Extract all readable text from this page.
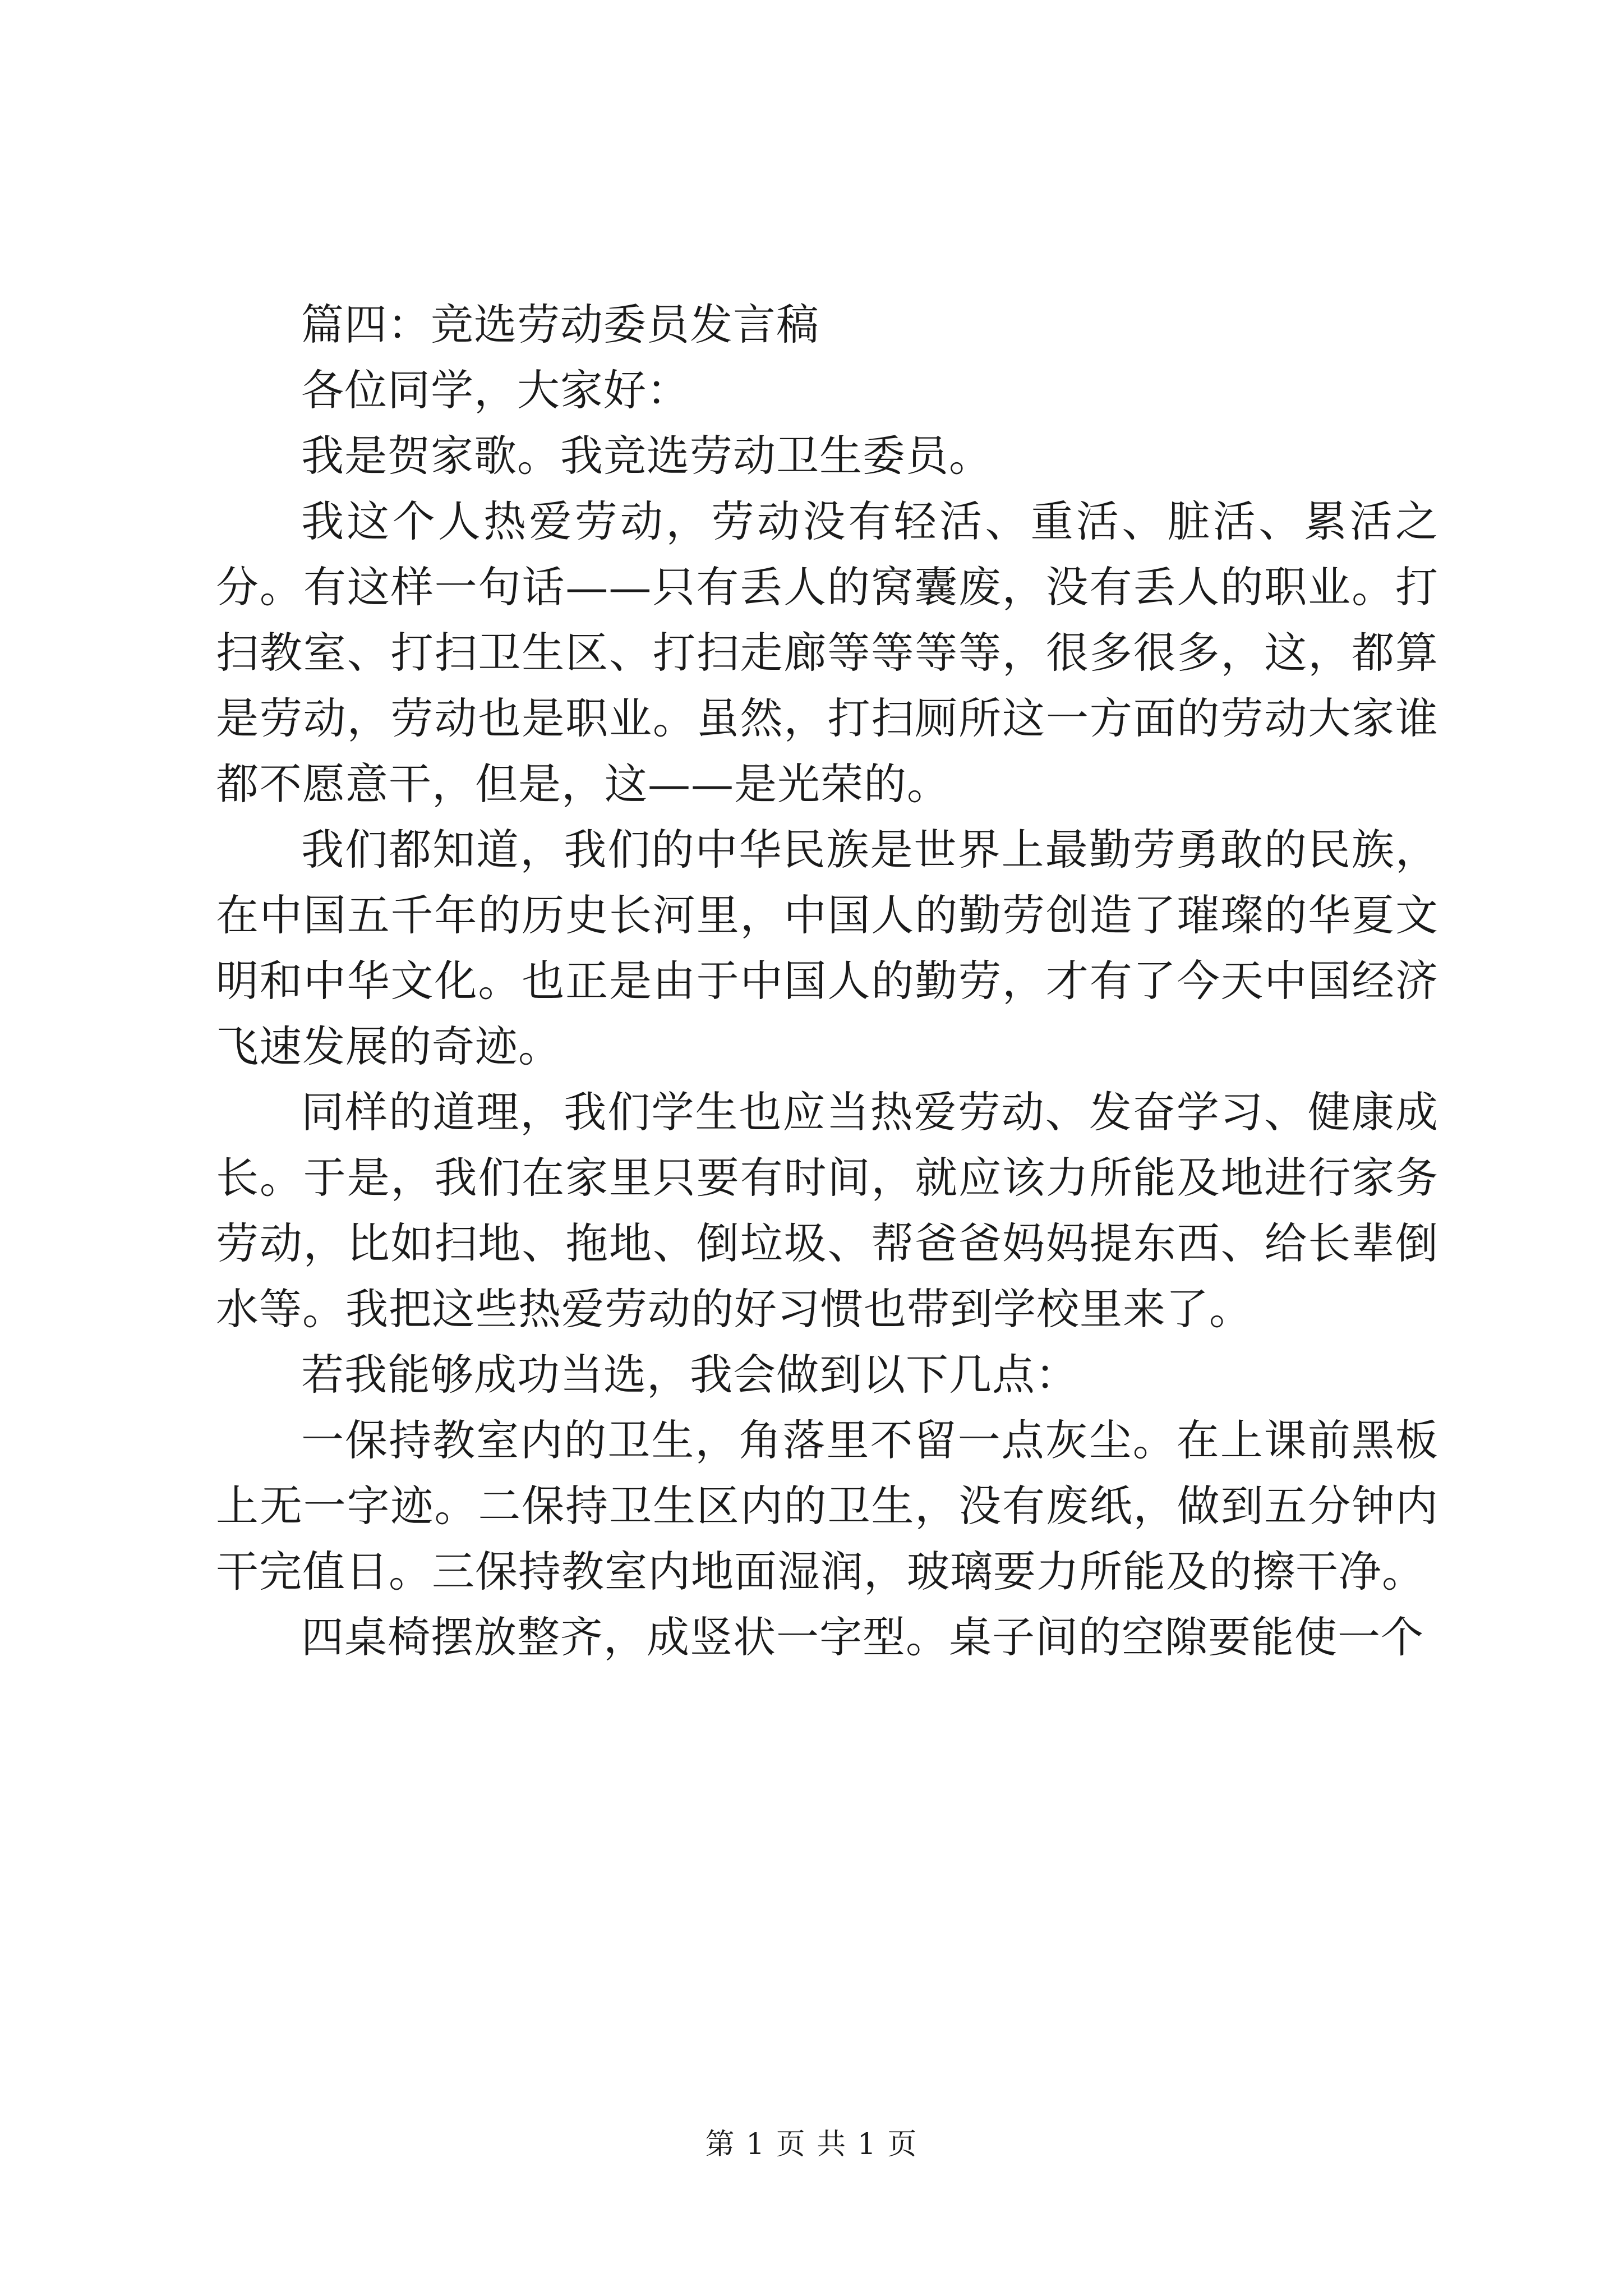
篇四：竞选劳动委员发言稿

各位同学，大家好：

我是贺家歌。我竞选劳动卫生委员。

我这个人热爱劳动，劳动没有轻活、重活、脏活、累活之分。有这样一句话——只有丢人的窝囊废，没有丢人的职业。打扫教室、打扫卫生区、打扫走廊等等等等，很多很多，这，都算是劳动，劳动也是职业。虽然，打扫厕所这一方面的劳动大家谁都不愿意干，但是，这——是光荣的。

我们都知道，我们的中华民族是世界上最勤劳勇敢的民族，在中国五千年的历史长河里，中国人的勤劳创造了璀璨的华夏文明和中华文化。也正是由于中国人的勤劳，才有了今天中国经济飞速发展的奇迹。

同样的道理，我们学生也应当热爱劳动、发奋学习、健康成长。于是，我们在家里只要有时间，就应该力所能及地进行家务劳动，比如扫地、拖地、倒垃圾、帮爸爸妈妈提东西、给长辈倒水等。我把这些热爱劳动的好习惯也带到学校里来了。

若我能够成功当选，我会做到以下几点：

一保持教室内的卫生，角落里不留一点灰尘。在上课前黑板上无一字迹。二保持卫生区内的卫生，没有废纸，做到五分钟内干完值日。三保持教室内地面湿润，玻璃要力所能及的擦干净。

四桌椅摆放整齐，成竖状一字型。桌子间的空隙要能使一个

第 1 页 共 1 页
